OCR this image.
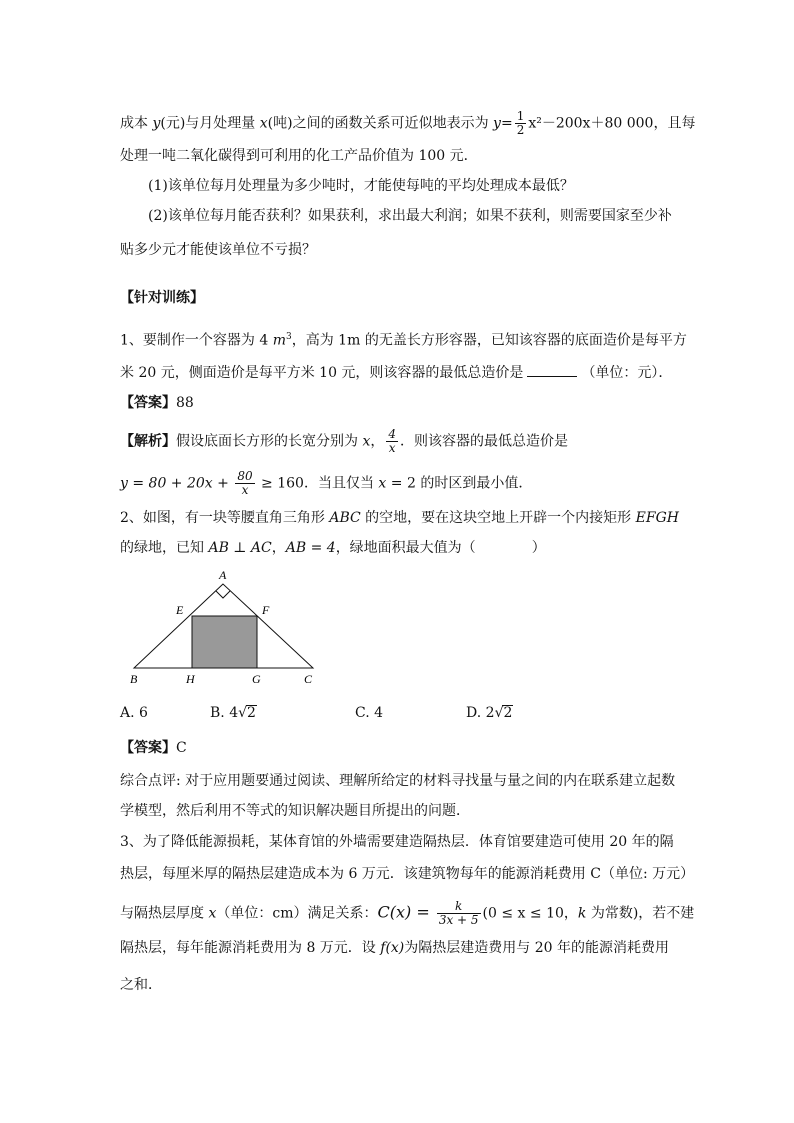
成本 y(元)与月处理量 x(吨)之间的函数关系可近似地表示为 $y= \frac{1}{2} x^2-200x+80$ 000，且每
处理一吨二氧化碳得到可利用的化工产品价值为 100 元．
(1)该单位每月处理量为多少吨时，才能使每吨的平均处理成本最低？
(2)该单位每月能否获利？如果获利，求出最大利润；如果不获利，则需要国家至少补
贴多少元才能使该单位不亏损？
【针对训练】
1、要制作一个容器为 4 $m^3$，高为 1m 的无盖长方形容器，已知该容器的底面造价是每平方
米 20 元，侧面造价是每平方米 10 元，则该容器的最低总造价是	（单位：元）．
【答案】88
【解析】假设底面长方形的长宽分别为 x， $\frac{4}{x}$ ．则该容器的最低总造价是
$y = 80 + 20x + \frac{80}{x} \ge 160$．当且仅当 x = 2 的时区到最小值．
2、如图，有一块等腰直角三角形 ABC 的空地，要在这块空地上开辟一个内接矩形 EFGH
的绿地，已知 AB ⊥ AC，AB = 4，绿地面积最大值为（	）
A
E	F
B	H	G	C
A. 6	B. 4√2	C. 4	D. 2√2
【答案】C
综合点评: 对于应用题要通过阅读、理解所给定的材料寻找量与量之间的内在联系建立起数
学模型，然后利用不等式的知识解决题目所提出的问题．
3、为了降低能源损耗，某体育馆的外墙需要建造隔热层．体育馆要建造可使用 20 年的隔
热层，每厘米厚的隔热层建造成本为 6 万元．该建筑物每年的能源消耗费用 C（单位: 万元）
与隔热层厚度 x（单位：cm）满足关系：$C(x) = \frac{k}{3x + 5} (0 \le x \le 10$，k 为常数)，若不建
隔热层，每年能源消耗费用为 8 万元．设 f(x)为隔热层建造费用与 20 年的能源消耗费用
之和．
